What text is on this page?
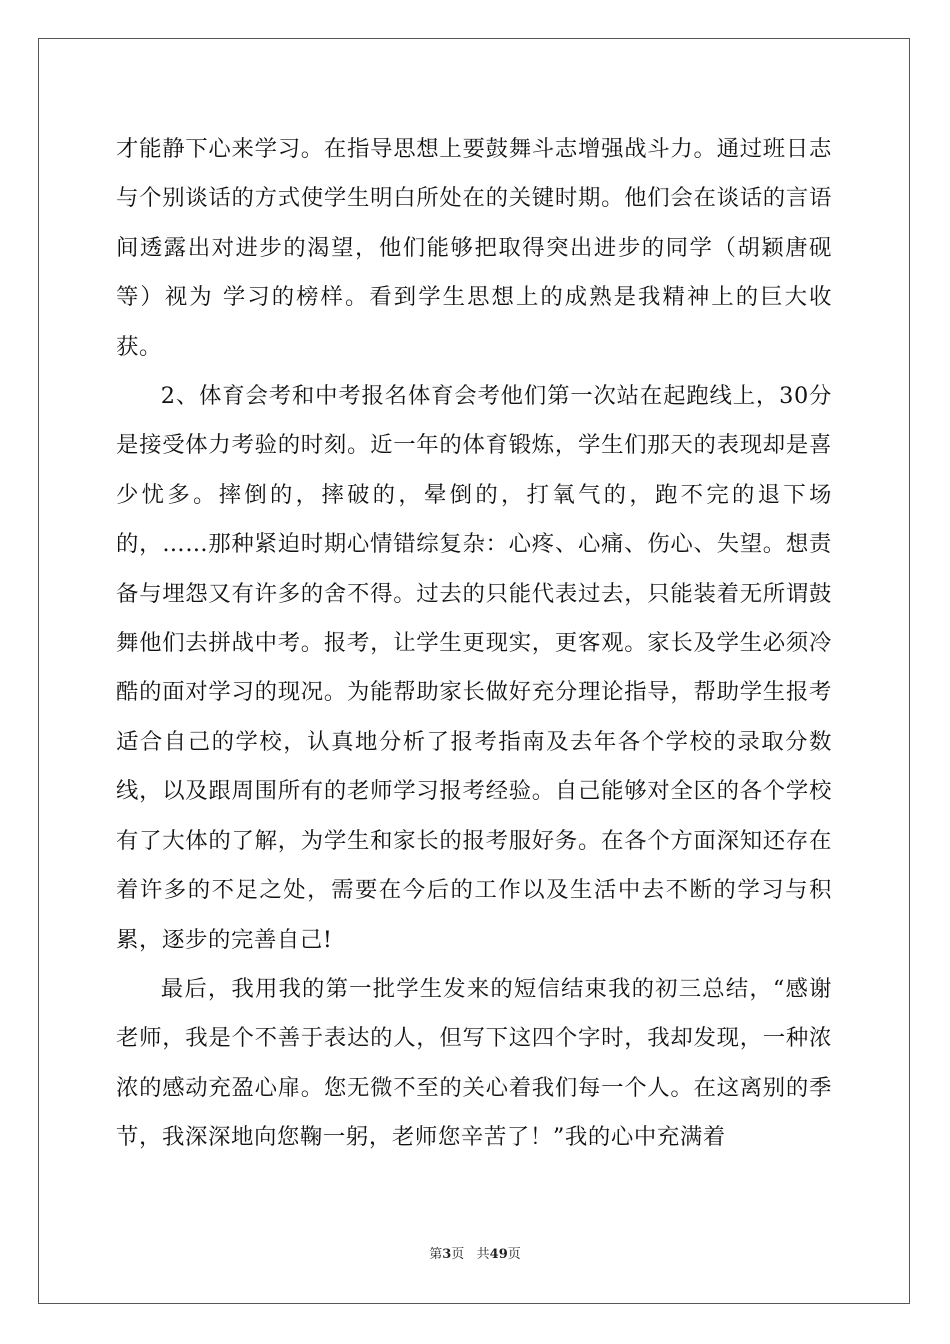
才能静下心来学习。在指导思想上要鼓舞斗志增强战斗力。通过班日志与个别谈话的方式使学生明白所处在的关键时期。他们会在谈话的言语间透露出对进步的渴望，他们能够把取得突出进步的同学（胡颖唐砚等）视为 学习的榜样。看到学生思想上的成熟是我精神上的巨大收获。

2、体育会考和中考报名体育会考他们第一次站在起跑线上，30分是接受体力考验的时刻。近一年的体育锻炼，学生们那天的表现却是喜少忧多。摔倒的，摔破的，晕倒的，打氧气的，跑不完的退下场的，……那种紧迫时期心情错综复杂：心疼、心痛、伤心、失望。想责备与埋怨又有许多的舍不得。过去的只能代表过去，只能装着无所谓鼓舞他们去拼战中考。报考，让学生更现实，更客观。家长及学生必须冷酷的面对学习的现况。为能帮助家长做好充分理论指导，帮助学生报考适合自己的学校，认真地分析了报考指南及去年各个学校的录取分数线，以及跟周围所有的老师学习报考经验。自己能够对全区的各个学校有了大体的了解，为学生和家长的报考服好务。在各个方面深知还存在着许多的不足之处，需要在今后的工作以及生活中去不断的学习与积累，逐步的完善自己!

最后，我用我的第一批学生发来的短信结束我的初三总结，“感谢老师，我是个不善于表达的人，但写下这四个字时，我却发现，一种浓浓的感动充盈心扉。您无微不至的关心着我们每一个人。在这离别的季节，我深深地向您鞠一躬，老师您辛苦了！”我的心中充满着

第3页   共49页
